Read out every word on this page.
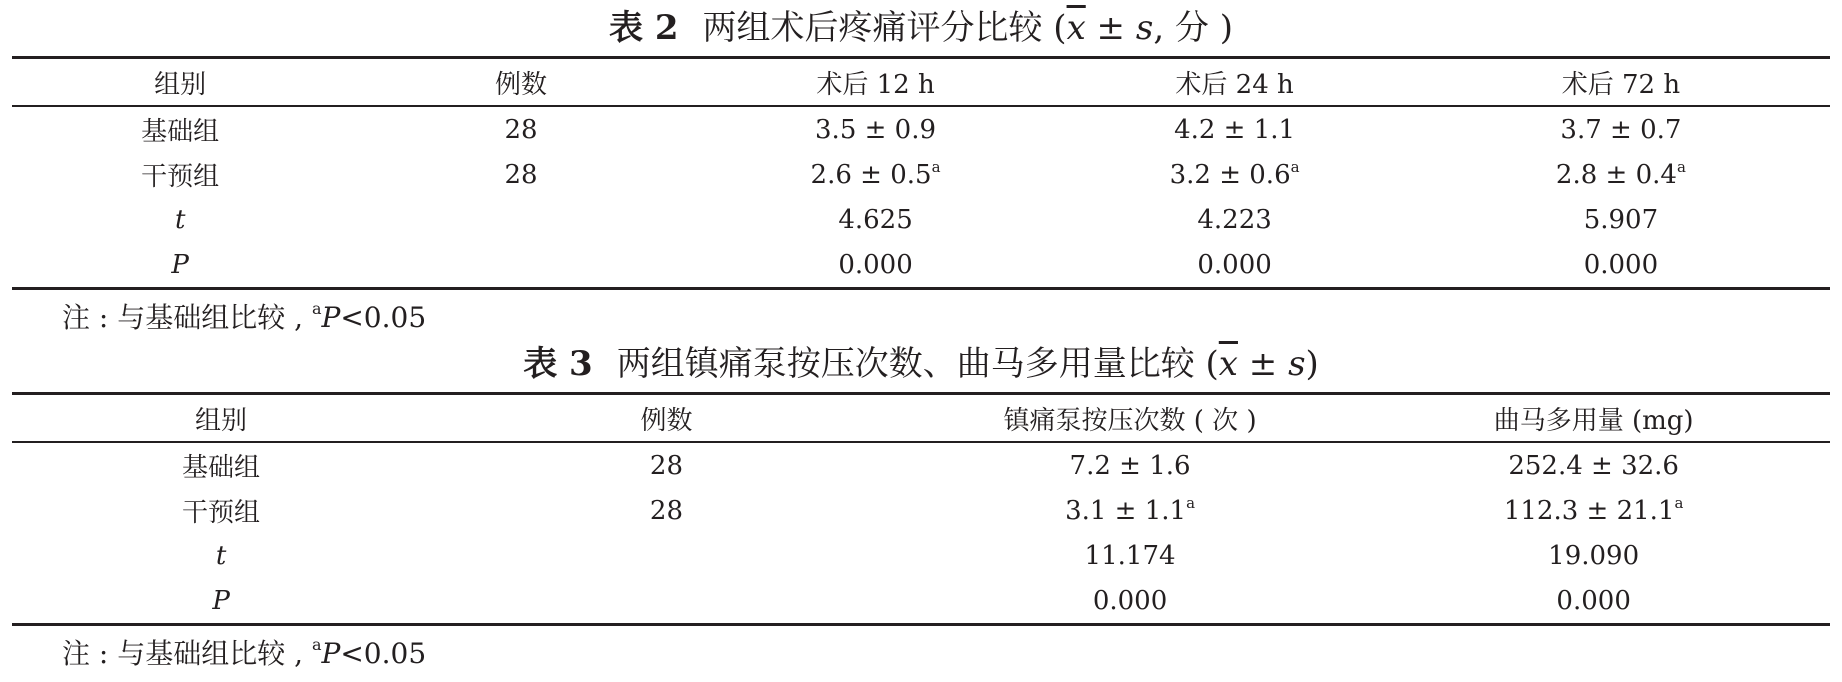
表 2 两组术后疼痛评分比较 ($\overline{x} \pm s$, 分 )
组别	例数	术后 12 h	术后 24 h	术后 72 h
基础组	28	3.5 ± 0.9	4.2 ± 1.1	3.7 ± 0.7
干预组	28	2.6 ± 0.5$^a$	3.2 ± 0.6$^a$	2.8 ± 0.4$^a$
t		4.625	4.223	5.907
P		0.000	0.000	0.000
注 : 与基础组比较 , $^a$P<0.05
表 3 两组镇痛泵按压次数、曲马多用量比较 $(\overline{x} \pm s)$
组别	例数	镇痛泵按压次数 ( 次 )	曲马多用量 (mg)
基础组	28	7.2 ± 1.6	252.4 ± 32.6
干预组	28	3.1 ± 1.1$^a$	112.3 ± 21.1$^a$
t		11.174	19.090
P		0.000	0.000
注 : 与基础组比较 , $^a$P<0.05
